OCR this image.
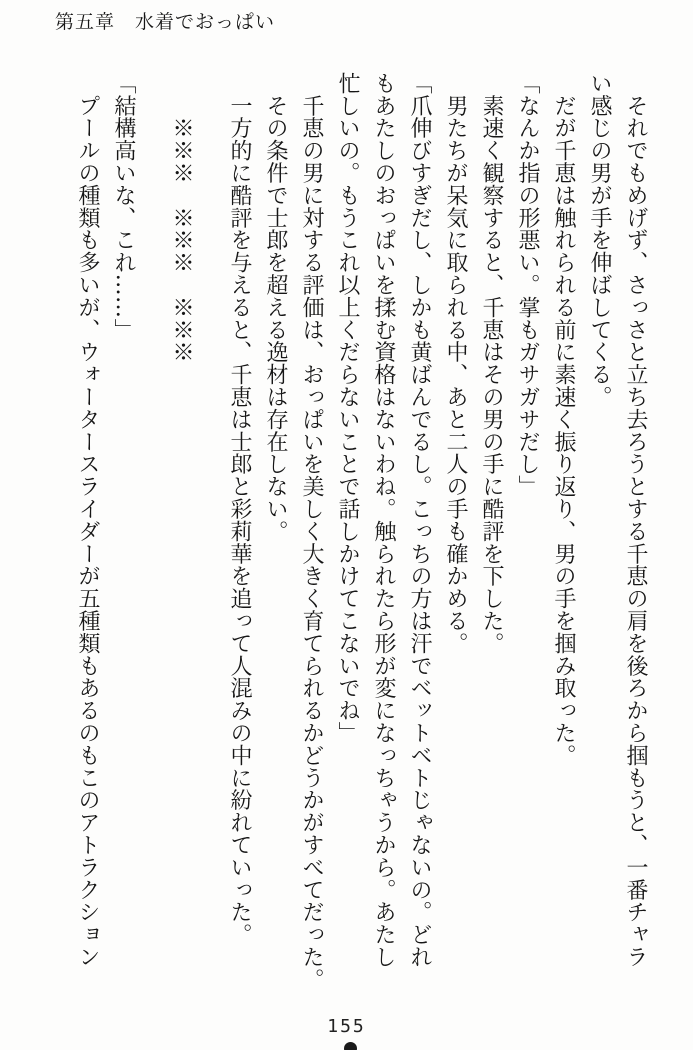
第五章　水着でおっぱい

　それでもめげず、さっさと立ち去ろうとする千恵の肩を後ろから掴もうと、一番チャラ

い感じの男が手を伸ばしてくる。

　だが千恵は触れられる前に素速く振り返り、男の手を掴み取った。

「なんか指の形悪い。掌もガサガサだし」

　素速く観察すると、千恵はその男の手に酷評を下した。

　男たちが呆気に取られる中、あと二人の手も確かめる。

「爪伸びすぎだし、しかも黄ばんでるし。こっちの方は汗でベットベトじゃないの。どれ

もあたしのおっぱいを揉む資格はないわね。触られたら形が変になっちゃうから。あたし

忙しいの。もうこれ以上くだらないことで話しかけてこないでね」

　千恵の男に対する評価は、おっぱいを美しく大きく育てられるかどうかがすべてだった。

　その条件で士郎を超える逸材は存在しない。

　一方的に酷評を与えると、千恵は士郎と彩莉華を追って人混みの中に紛れていった。

　　※※※　※※※　※※※

「結構高いな、これ……」

　プールの種類も多いが、ウォータースライダーが五種類もあるのもこのアトラクション

155
